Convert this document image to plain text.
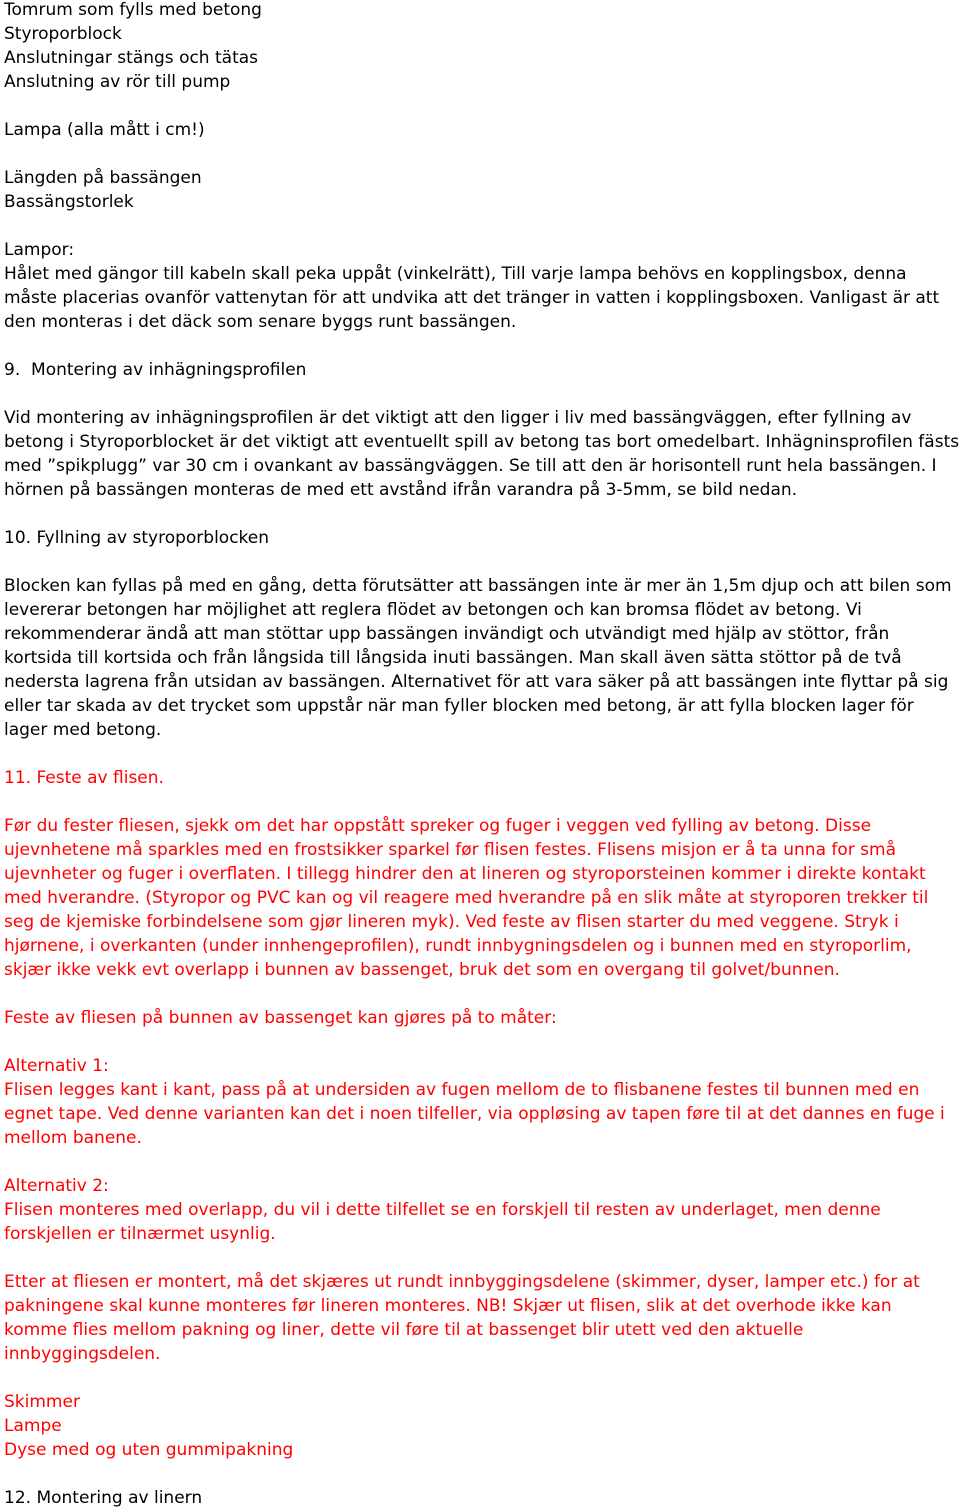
Tomrum som fylls med betong
Styroporblock
Anslutningar stängs och tätas
Anslutning av rör till pump
Lampa (alla mått i cm!)
Längden på bassängen
Bassängstorlek
Lampor:

Hålet med gängor till kabeln skall peka uppåt (vinkelrätt), Till varje lampa behövs en kopplingsbox, denna måste placerias ovanför vattenytan för att undvika att det tränger in vatten i kopplingsboxen. Vanligast är att den monteras i det däck som senare byggs runt bassängen.

9.  Montering av inhägningsprofilen

Vid montering av inhägningsprofilen är det viktigt att den ligger i liv med bassängväggen, efter fyllning av betong i Styroporblocket är det viktigt att eventuellt spill av betong tas bort omedelbart. Inhägninsprofilen fästs med ”spikplugg” var 30 cm i ovankant av bassängväggen. Se till att den är horisontell runt hela bassängen. I hörnen på bassängen monteras de med ett avstånd ifrån varandra på 3-5mm, se bild nedan.

10. Fyllning av styroporblocken

Blocken kan fyllas på med en gång, detta förutsätter att bassängen inte är mer än 1,5m djup och att bilen som levererar betongen har möjlighet att reglera flödet av betongen och kan bromsa flödet av betong. Vi rekommenderar ändå att man stöttar upp bassängen invändigt och utvändigt med hjälp av stöttor, från kortsida till kortsida och från långsida till långsida inuti bassängen. Man skall även sätta stöttor på de två nedersta lagrena från utsidan av bassängen. Alternativet för att vara säker på att bassängen inte flyttar på sig eller tar skada av det trycket som uppstår när man fyller blocken med betong, är att fylla blocken lager för lager med betong.

11. Feste av flisen.

Før du fester fliesen, sjekk om det har oppstått spreker og fuger i veggen ved fylling av betong. Disse ujevnhetene må sparkles med en frostsikker sparkel før flisen festes. Flisens misjon er å ta unna for små ujevnheter og fuger i overflaten. I tillegg hindrer den at lineren og styroporsteinen kommer i direkte kontakt med hverandre. (Styropor og PVC kan og vil reagere med hverandre på en slik måte at styroporen trekker til seg de kjemiske forbindelsene som gjør lineren myk). Ved feste av flisen starter du med veggene. Stryk i hjørnene, i overkanten (under innhengeprofilen), rundt innbygningsdelen og i bunnen med en styroporlim, skjær ikke vekk evt overlapp i bunnen av bassenget, bruk det som en overgang til golvet/bunnen.

Feste av fliesen på bunnen av bassenget kan gjøres på to måter:
Alternativ 1:

Flisen legges kant i kant, pass på at undersiden av fugen mellom de to flisbanene festes til bunnen med en egnet tape. Ved denne varianten kan det i noen tilfeller, via oppløsing av tapen føre til at det dannes en fuge i mellom banene.

Alternativ 2:

Flisen monteres med overlapp, du vil i dette tilfellet se en forskjell til resten av underlaget, men denne forskjellen er tilnærmet usynlig.

Etter at fliesen er montert, må det skjæres ut rundt innbyggingsdelene (skimmer, dyser, lamper etc.) for at pakningene skal kunne monteres før lineren monteres. NB! Skjær ut flisen, slik at det overhode ikke kan komme flies mellom pakning og liner, dette vil føre til at bassenget blir utett ved den aktuelle innbyggingsdelen.

Skimmer
Lampe
Dyse med og uten gummipakning
12. Montering av linern
